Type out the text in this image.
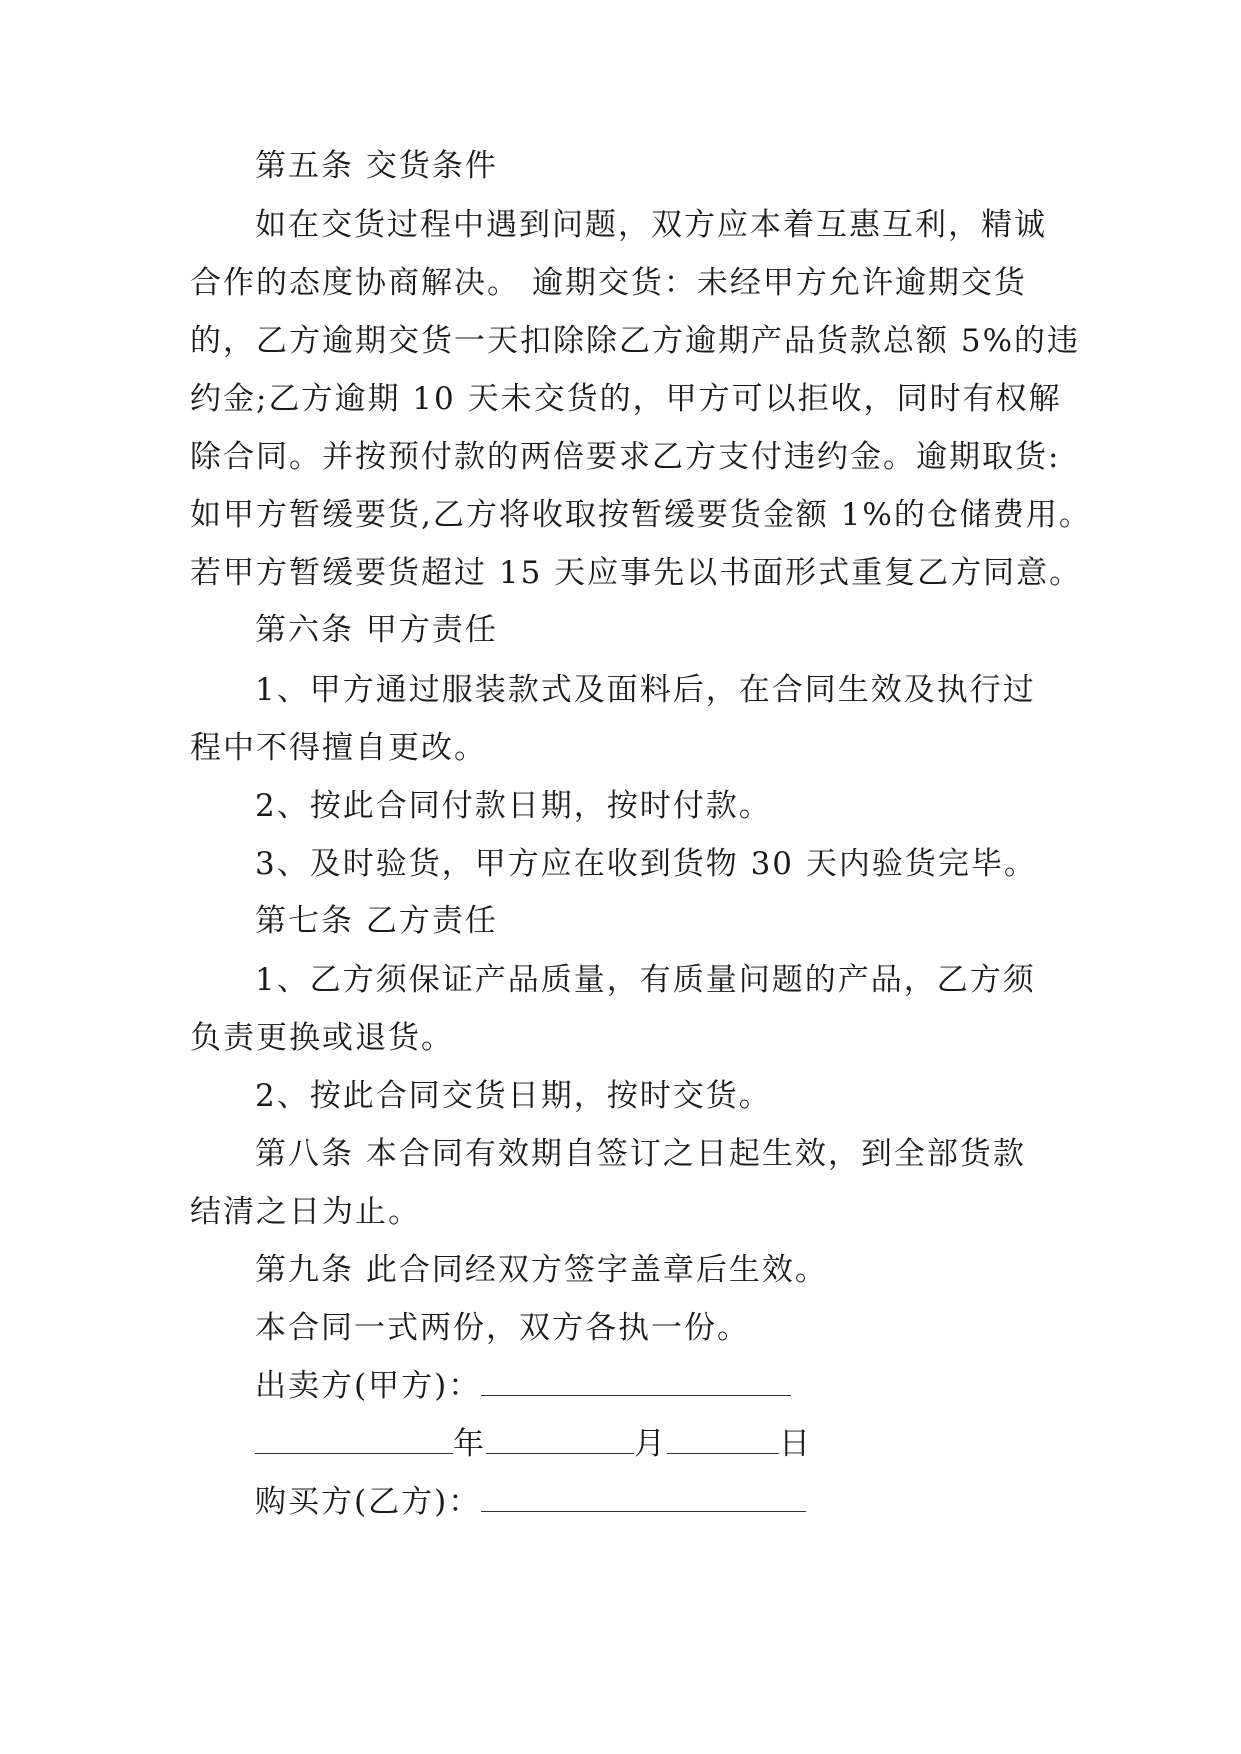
第五条 交货条件
如在交货过程中遇到问题，双方应本着互惠互利，精诚
合作的态度协商解决。 逾期交货：未经甲方允许逾期交货
的，乙方逾期交货一天扣除除乙方逾期产品货款总额 5%的违
约金;乙方逾期 10 天未交货的，甲方可以拒收，同时有权解
除合同。并按预付款的两倍要求乙方支付违约金。逾期取货:
如甲方暂缓要货,乙方将收取按暂缓要货金额 1%的仓储费用。
若甲方暂缓要货超过 15 天应事先以书面形式重复乙方同意。
第六条 甲方责任
1、甲方通过服装款式及面料后，在合同生效及执行过
程中不得擅自更改。
2、按此合同付款日期，按时付款。
3、及时验货，甲方应在收到货物 30 天内验货完毕。
第七条 乙方责任
1、乙方须保证产品质量，有质量问题的产品，乙方须
负责更换或退货。
2、按此合同交货日期，按时交货。
第八条 本合同有效期自签订之日起生效，到全部货款
结清之日为止。
第九条 此合同经双方签字盖章后生效。
本合同一式两份，双方各执一份。
出卖方(甲方)：
年	月	日
购买方(乙方)：
